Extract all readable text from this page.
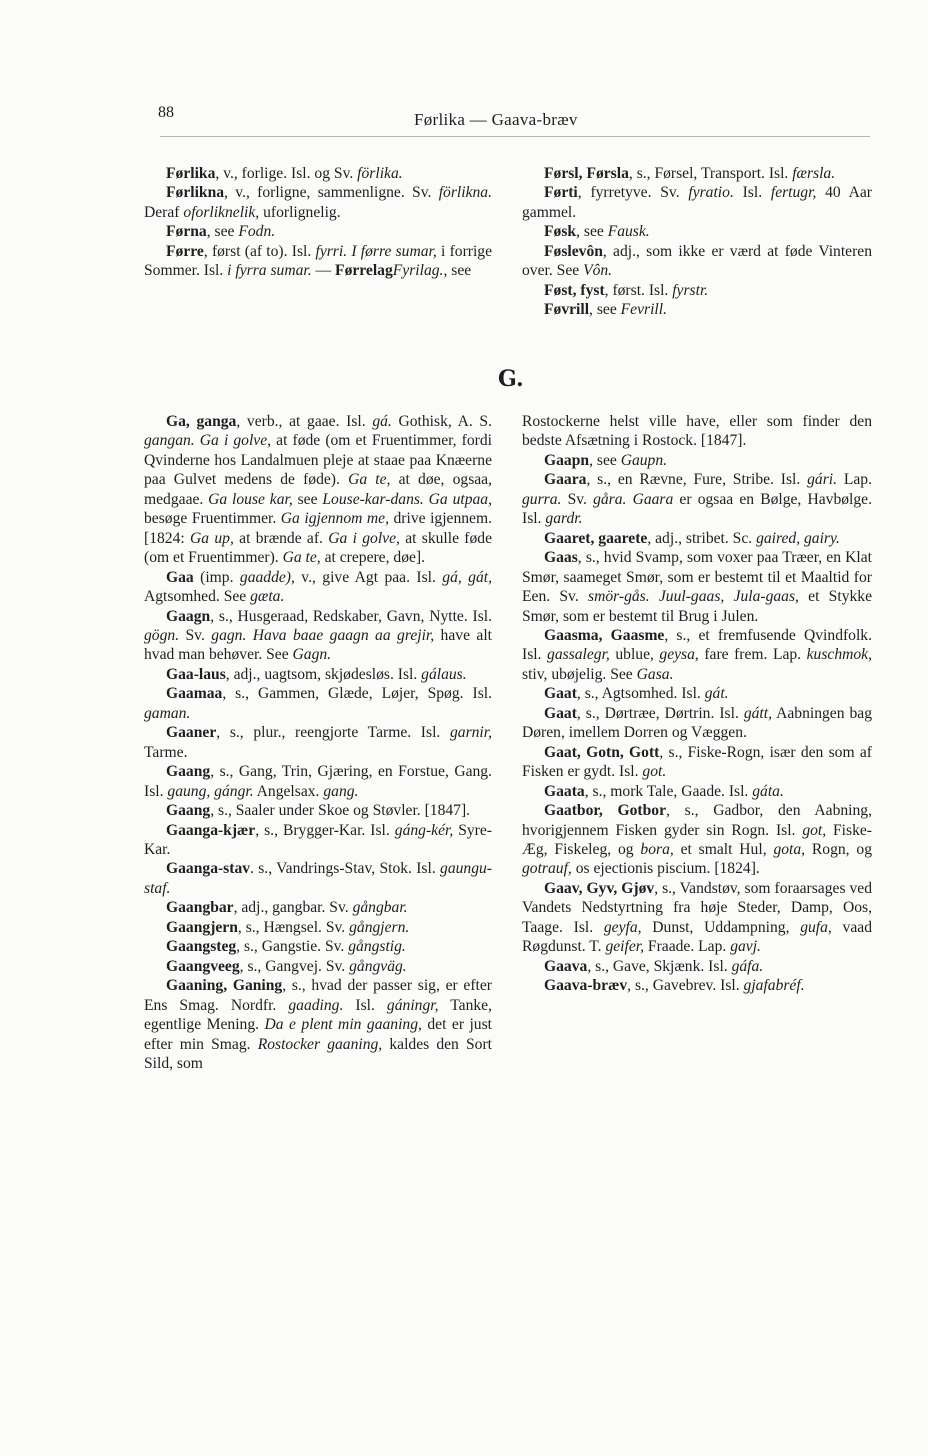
88	Førlika — Gaava-bræv

Førlika, v., forlige. Isl. og Sv. förlika.

Førlikna, v., forligne, sammenligne. Sv. förlikna. Deraf oforliknelik, uforlignelig.

Førna, see Fodn.

Førre, først (af to). Isl. fyrri. I førre sumar, i forrige Sommer. Isl. i fyrra sumar. — FørrelagFyrilag., see

Førsl, Førsla, s., Førsel, Transport. Isl. færsla.

Førti, fyrretyve. Sv. fyratio. Isl. fertugr, 40 Aar gammel.

Føsk, see Fausk.

Føslevôn, adj., som ikke er værd at føde Vinteren over. See Vôn.

Føst, fyst, først. Isl. fyrstr.

Føvrill, see Fevrill.

G.

Ga, ganga, verb., at gaae. Isl. gá. Gothisk, A. S. gangan. Ga i golve, at føde (om et Fruentimmer, fordi Qvinderne hos Landalmuen pleje at staae paa Knæerne paa Gulvet medens de føde). Ga te, at døe, ogsaa, medgaae. Ga louse kar, see Louse-kar-dans. Ga utpaa, besøge Fruentimmer. Ga igjennom me, drive igjennem. [1824: Ga up, at brænde af. Ga i golve, at skulle føde (om et Fruentimmer). Ga te, at crepere, døe].

Gaa (imp. gaadde), v., give Agt paa. Isl. gá, gát, Agtsomhed. See gæta.

Gaagn, s., Husgeraad, Redskaber, Gavn, Nytte. Isl. gögn. Sv. gagn. Hava baae gaagn aa grejir, have alt hvad man behøver. See Gagn.

Gaa-laus, adj., uagtsom, skjødesløs. Isl. gálaus.

Gaamaa, s., Gammen, Glæde, Løjer, Spøg. Isl. gaman.

Gaaner, s., plur., reengjorte Tarme. Isl. garnir, Tarme.

Gaang, s., Gang, Trin, Gjæring, en Forstue, Gang. Isl. gaung, gángr. Angelsax. gang.

Gaang, s., Saaler under Skoe og Støvler. [1847].

Gaanga-kjær, s., Brygger-Kar. Isl. gáng-kér, Syre-Kar.

Gaanga-stav. s., Vandrings-Stav, Stok. Isl. gaungu-staf.

Gaangbar, adj., gangbar. Sv. gångbar.

Gaangjern, s., Hængsel. Sv. gångjern.

Gaangsteg, s., Gangstie. Sv. gångstig.

Gaangveeg, s., Gangvej. Sv. gångväg.

Gaaning, Ganing, s., hvad der passer sig, er efter Ens Smag. Nordfr. gaading. Isl. gáningr, Tanke, egentlige Mening. Da e plent min gaaning, det er just efter min Smag. Rostocker gaaning, kaldes den Sort Sild, som

Rostockerne helst ville have, eller som finder den bedste Afsætning i Rostock. [1847].

Gaapn, see Gaupn.

Gaara, s., en Rævne, Fure, Stribe. Isl. gári. Lap. gurra. Sv. gåra. Gaara er ogsaa en Bølge, Havbølge. Isl. gardr.

Gaaret, gaarete, adj., stribet. Sc. gaired, gairy.

Gaas, s., hvid Svamp, som voxer paa Træer, en Klat Smør, saameget Smør, som er bestemt til et Maaltid for Een. Sv. smör-gås. Juul-gaas, Jula-gaas, et Stykke Smør, som er bestemt til Brug i Julen.

Gaasma, Gaasme, s., et fremfusende Qvindfolk. Isl. gassalegr, ublue, geysa, fare frem. Lap. kuschmok, stiv, ubøjelig. See Gasa.

Gaat, s., Agtsomhed. Isl. gát.

Gaat, s., Dørtræe, Dørtrin. Isl. gátt, Aabningen bag Døren, imellem Dorren og Væggen.

Gaat, Gotn, Gott, s., Fiske-Rogn, især den som af Fisken er gydt. Isl. got.

Gaata, s., mork Tale, Gaade. Isl. gáta.

Gaatbor, Gotbor, s., Gadbor, den Aabning, hvorigjennem Fisken gyder sin Rogn. Isl. got, Fiske-Æg, Fiskeleg, og bora, et smalt Hul, gota, Rogn, og gotrauf, os ejectionis piscium. [1824].

Gaav, Gyv, Gjøv, s., Vandstøv, som foraarsages ved Vandets Nedstyrtning fra høje Steder, Damp, Oos, Taage. Isl. geyfa, Dunst, Uddampning, gufa, vaad Røgdunst. T. geifer, Fraade. Lap. gavj.

Gaava, s., Gave, Skjænk. Isl. gáfa.

Gaava-bræv, s., Gavebrev. Isl. gjafabréf.
